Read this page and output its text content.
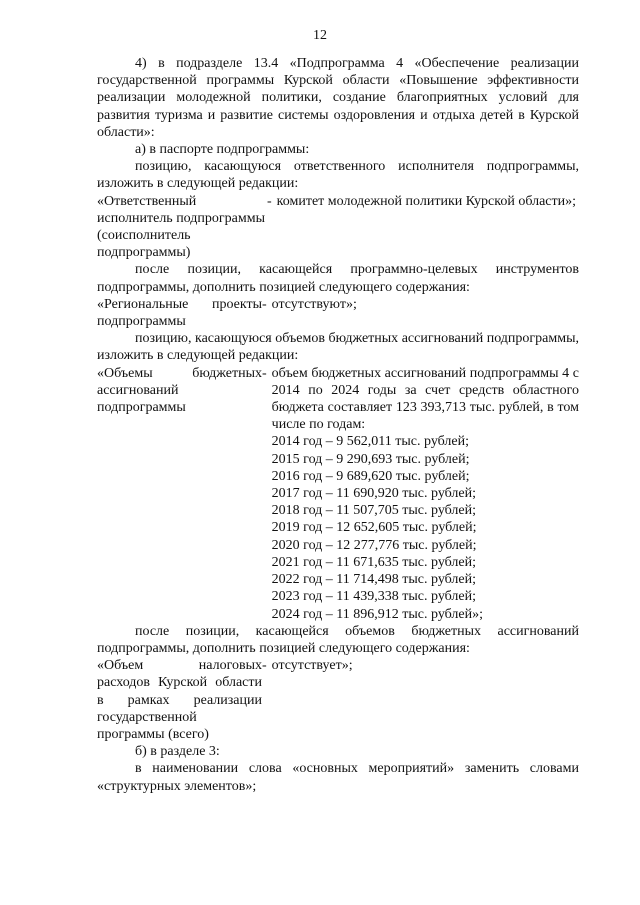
12

4) в подразделе 13.4 «Подпрограмма 4 «Обеспечение реализации государственной программы Курской области «Повышение эффективности реализации молодежной политики, создание благоприятных условий для развития туризма и развитие системы оздоровления и отдыха детей в Курской области»:

а) в паспорте подпрограммы:

позицию, касающуюся ответственного исполнителя подпрограммы, изложить в следующей редакции:

«Ответственный исполнитель подпрограммы (соисполнитель подпрограммы)
- комитет молодежной политики Курской области»;

после позиции, касающейся программно-целевых инструментов подпрограммы, дополнить позицией следующего содержания:

«Региональные проекты подпрограммы
- отсутствуют»;

позицию, касающуюся объемов бюджетных ассигнований подпрограммы, изложить в следующей редакции:

«Объемы бюджетных ассигнований подпрограммы
- объем бюджетных ассигнований подпрограммы 4 с 2014 по 2024 годы за счет средств областного бюджета составляет 123 393,713 тыс. рублей, в том числе по годам:
2014 год – 9 562,011 тыс. рублей;
2015 год – 9 290,693 тыс. рублей;
2016 год – 9 689,620 тыс. рублей;
2017 год – 11 690,920 тыс. рублей;
2018 год – 11 507,705 тыс. рублей;
2019 год – 12 652,605 тыс. рублей;
2020 год – 12 277,776 тыс. рублей;
2021 год – 11 671,635 тыс. рублей;
2022 год – 11 714,498 тыс. рублей;
2023 год – 11 439,338 тыс. рублей;
2024 год – 11 896,912 тыс. рублей»;

после позиции, касающейся объемов бюджетных ассигнований подпрограммы, дополнить позицией следующего содержания:

«Объем налоговых расходов Курской области в рамках реализации государственной программы (всего)
- отсутствует»;

б) в разделе 3:

в наименовании слова «основных мероприятий» заменить словами «структурных элементов»;
